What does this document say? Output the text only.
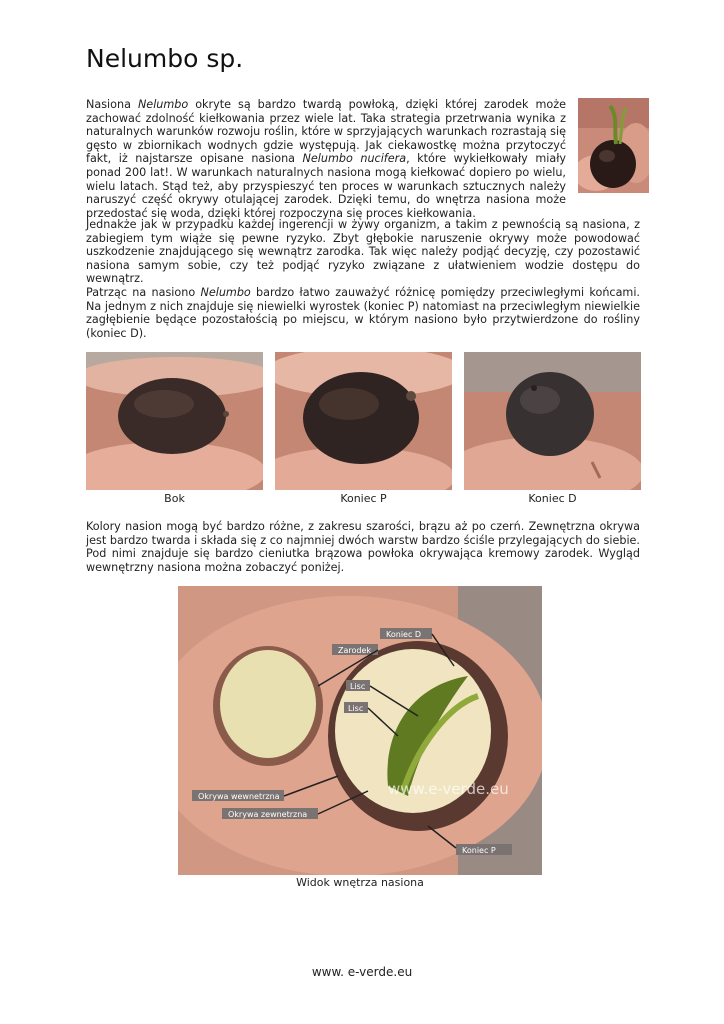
Nelumbo sp.

Nasiona Nelumbo okryte są bardzo twardą powłoką, dzięki której zarodek może zachować zdolność kiełkowania przez wiele lat. Taka strategia przetrwania wynika z naturalnych warunków rozwoju roślin, które w sprzyjających warunkach rozrastają się gęsto w zbiornikach wodnych gdzie występują. Jak ciekawostkę można przytoczyć fakt, iż najstarsze opisane nasiona Nelumbo nucifera, które wykiełkowały miały ponad 200 lat!. W warunkach naturalnych nasiona mogą kiełkować dopiero po wielu, wielu latach. Stąd też, aby przyspieszyć ten proces w warunkach sztucznych należy naruszyć część okrywy otulającej zarodek. Dzięki temu, do wnętrza nasiona może przedostać się woda, dzięki której rozpoczyna się proces kiełkowania.

Jednakże jak w przypadku każdej ingerencji w żywy organizm, a takim z pewnością są nasiona, z zabiegiem tym wiąże się pewne ryzyko. Zbyt głębokie naruszenie okrywy może powodować uszkodzenie znajdującego się wewnątrz zarodka. Tak więc należy podjąć decyzję, czy pozostawić nasiona samym sobie, czy też podjąć ryzyko związane z ułatwieniem wodzie dostępu do wewnątrz.

Patrząc na nasiono Nelumbo bardzo łatwo zauważyć różnicę pomiędzy przeciwległymi końcami. Na jednym z nich znajduje się niewielki wyrostek (koniec P) natomiast na przeciwległym niewielkie zagłębienie będące pozostałością po miejscu, w którym nasiono było przytwierdzone do rośliny (koniec D).

Bok	Koniec P	Koniec D

Kolory nasion mogą być bardzo różne, z zakresu szarości, brązu aż po czerń. Zewnętrzna okrywa jest bardzo twarda i składa się z co najmniej dwóch warstw bardzo ściśle przylegających do siebie. Pod nimi znajduje się bardzo cieniutka brązowa powłoka okrywająca kremowy zarodek. Wygląd wewnętrzny nasiona można zobaczyć poniżej.

Koniec D
Zarodek
Lisc
Lisc
Okrywa wewnetrzna
Okrywa zewnetrzna
Koniec P
www.e-verde.eu
Widok wnętrza nasiona
www. e-verde.eu
